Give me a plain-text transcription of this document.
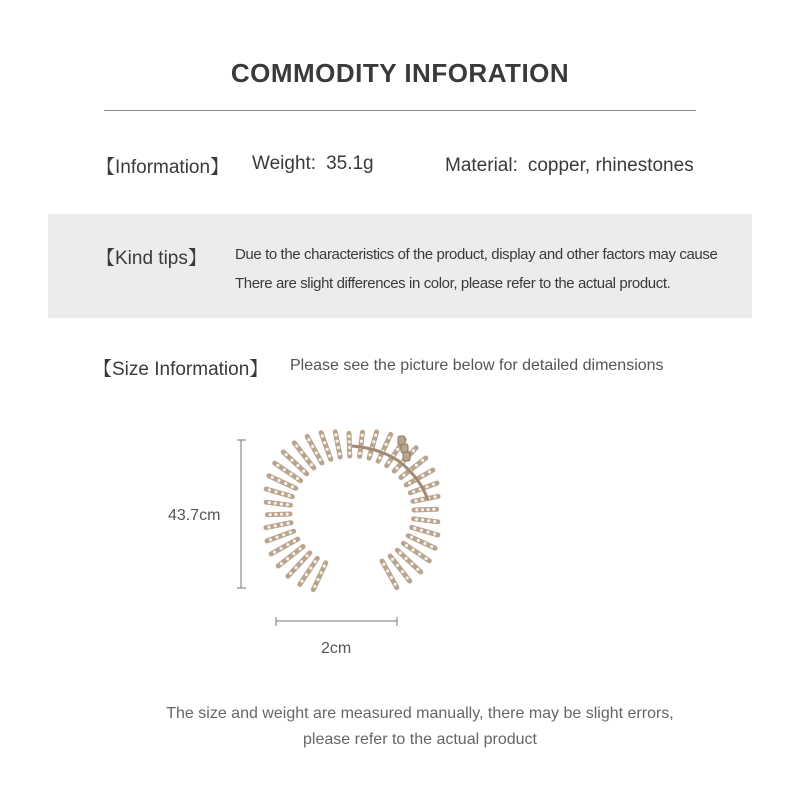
COMMODITY INFORATION
【Information】 Weight: 35.1g	Material: copper, rhinestones
【Kind tips】 Due to the characteristics of the product, display and other factors may cause
There are slight differences in color, please refer to the actual product.
【Size Information】 Please see the picture below for detailed dimensions
43.7cm
2cm
The size and weight are measured manually, there may be slight errors,
please refer to the actual product
